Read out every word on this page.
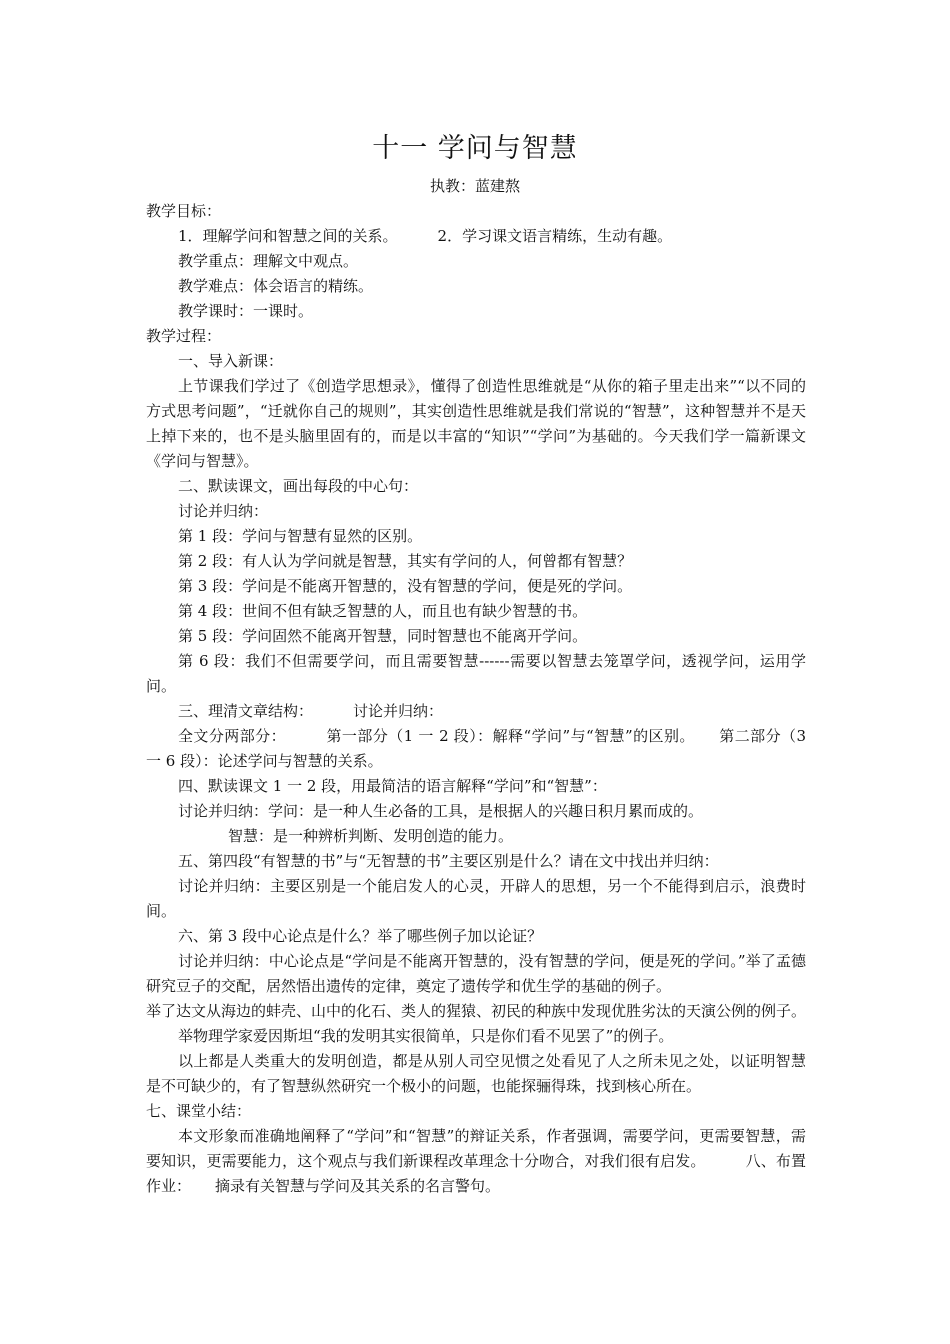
十一 学问与智慧
执教：蓝建熬

教学目标：

1．理解学问和智慧之间的关系。	2．学习课文语言精练，生动有趣。

教学重点：理解文中观点。

教学难点：体会语言的精练。

教学课时：一课时。

教学过程：

一、导入新课：

上节课我们学过了《创造学思想录》，懂得了创造性思维就是“从你的箱子里走出来”“以不同的方式思考问题”，“迁就你自己的规则”，其实创造性思维就是我们常说的“智慧”，这种智慧并不是天上掉下来的，也不是头脑里固有的，而是以丰富的“知识”“学问”为基础的。今天我们学一篇新课文《学问与智慧》。

二、默读课文，画出每段的中心句：

讨论并归纳：

第 1 段：学问与智慧有显然的区别。

第 2 段：有人认为学问就是智慧，其实有学问的人，何曾都有智慧？

第 3 段：学问是不能离开智慧的，没有智慧的学问，便是死的学问。

第 4 段：世间不但有缺乏智慧的人，而且也有缺少智慧的书。

第 5 段：学问固然不能离开智慧，同时智慧也不能离开学问。

第 6 段：我们不但需要学问，而且需要智慧------需要以智慧去笼罩学问，透视学问，运用学问。

三、理清文章结构：	讨论并归纳：

全文分两部分：	第一部分（1 一 2 段）：解释“学问”与“智慧”的区别。 第二部分（3 一 6 段）：论述学问与智慧的关系。

四、默读课文 1 一 2 段，用最简洁的语言解释“学问”和“智慧”：

讨论并归纳：学问：是一种人生必备的工具，是根据人的兴趣日积月累而成的。

智慧：是一种辨析判断、发明创造的能力。

五、第四段“有智慧的书”与“无智慧的书”主要区别是什么？请在文中找出并归纳：

讨论并归纳：主要区别是一个能启发人的心灵，开辟人的思想，另一个不能得到启示，浪费时间。

六、第 3 段中心论点是什么？举了哪些例子加以论证？

讨论并归纳：中心论点是“学问是不能离开智慧的，没有智慧的学问，便是死的学问。”举了孟德研究豆子的交配，居然悟出遗传的定律，奠定了遗传学和优生学的基础的例子。

举了达文从海边的蚌壳、山中的化石、类人的猩猿、初民的种族中发现优胜劣汰的天演公例的例子。

举物理学家爱因斯坦“我的发明其实很简单，只是你们看不见罢了”的例子。

以上都是人类重大的发明创造，都是从别人司空见惯之处看见了人之所未见之处，以证明智慧是不可缺少的，有了智慧纵然研究一个极小的问题，也能探骊得珠，找到核心所在。

七、课堂小结：

本文形象而准确地阐释了“学问”和“智慧”的辩证关系，作者强调，需要学问，更需要智慧，需要知识，更需要能力，这个观点与我们新课程改革理念十分吻合，对我们很有启发。	八、布置作业： 摘录有关智慧与学问及其关系的名言警句。
